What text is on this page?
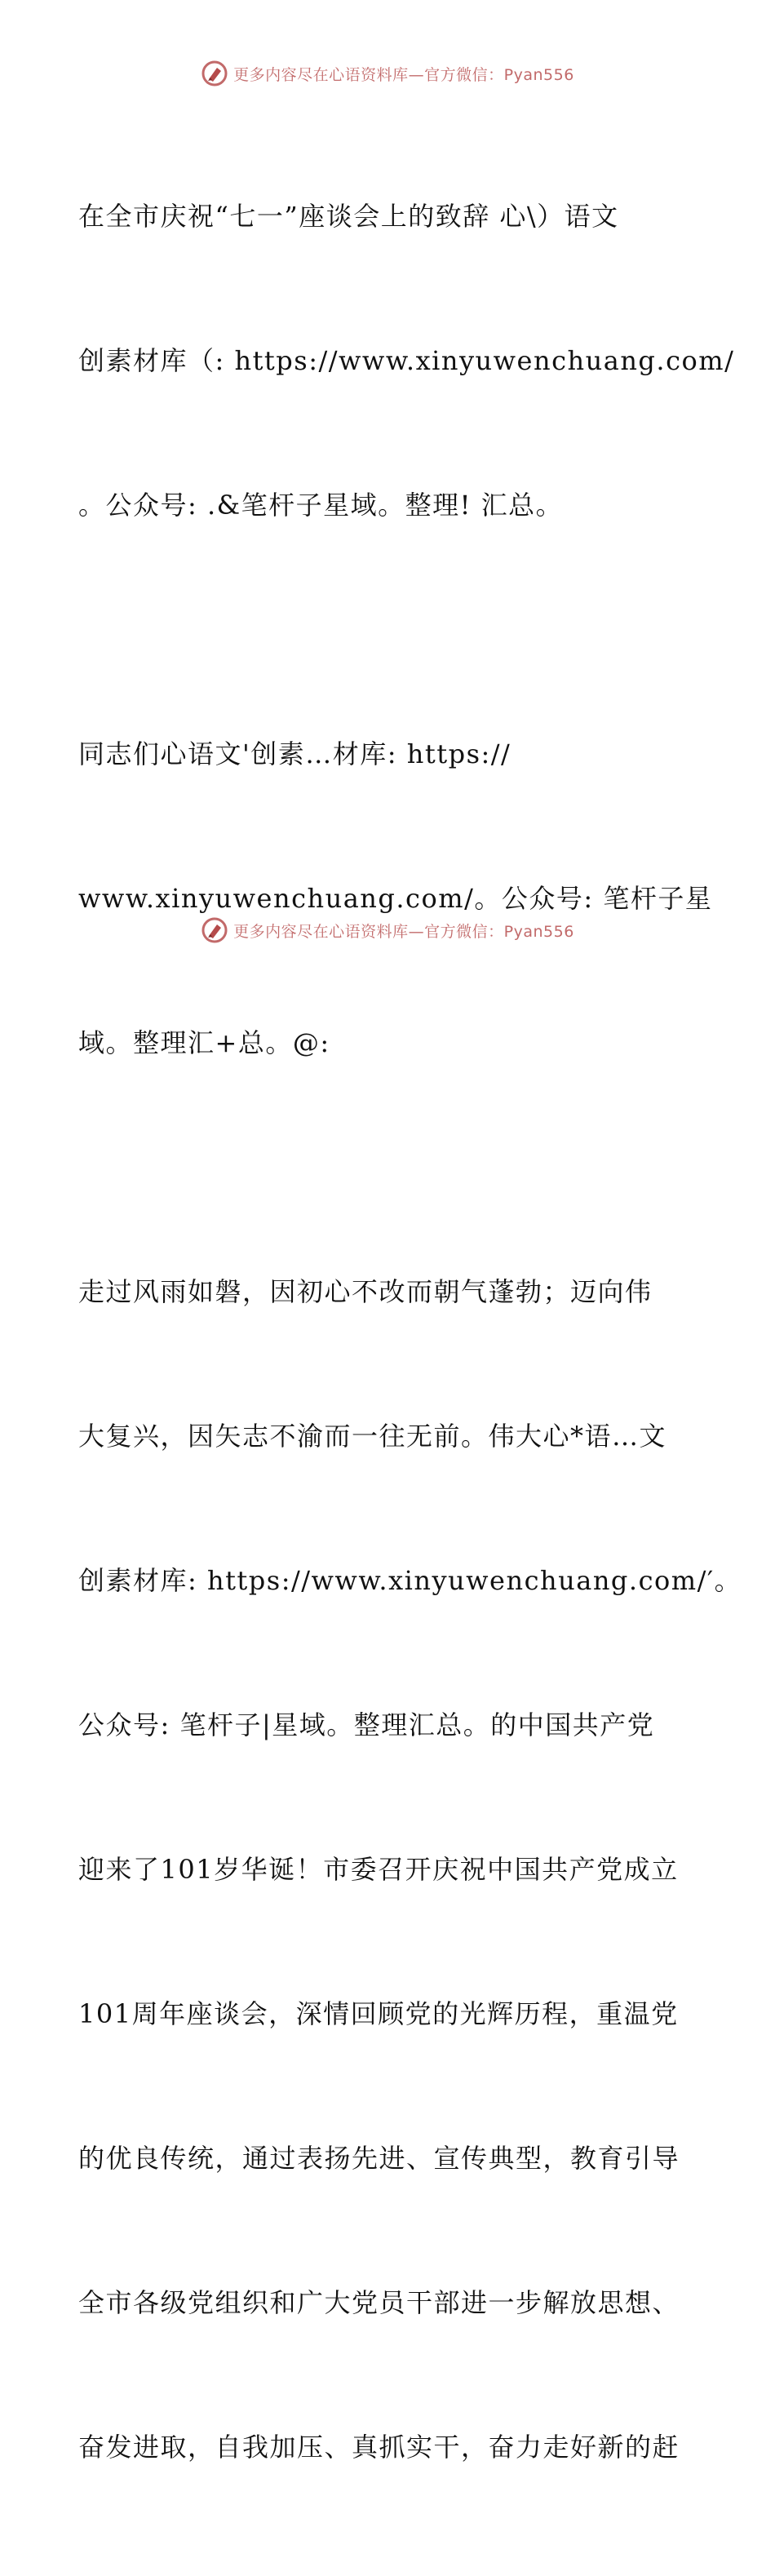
更多内容尽在心语资料库—官方微信：Pyan556

在全市庆祝“七一”座谈会上的致辞 心\）语文

创素材库（: https://www.xinyuwenchuang.com/

。公众号: .&笔杆子星域。整理! 汇总。

同志们心语文'创素…材库: https://

www.xinyuwenchuang.com/。公众号: 笔杆子星

域。整理汇+总。@:

走过风雨如磐，因初心不改而朝气蓬勃；迈向伟

大复兴，因矢志不渝而一往无前。伟大心*语…文

创素材库: https://www.xinyuwenchuang.com/′。

公众号: 笔杆子|星域。整理汇总。的中国共产党

迎来了101岁华诞！市委召开庆祝中国共产党成立

101周年座谈会，深情回顾党的光辉历程，重温党

的优良传统，通过表扬先进、宣传典型，教育引导

全市各级党组织和广大党员干部进一步解放思想、

奋发进取，自我加压、真抓实干，奋力走好新的赶

更多内容尽在心语资料库—官方微信：Pyan556
